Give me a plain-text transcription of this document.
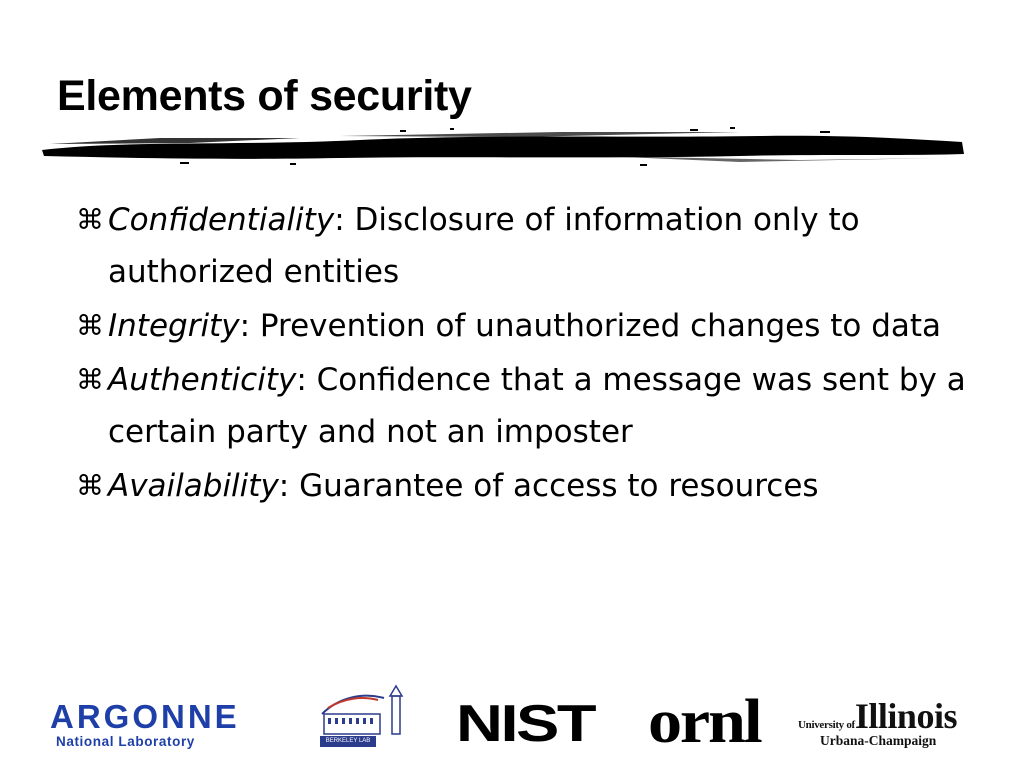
Elements of security
⌘ Confidentiality: Disclosure of information only to authorized entities
⌘ Integrity: Prevention of unauthorized changes to data
⌘ Authenticity: Confidence that a message was sent by a certain party and not an imposter
⌘ Availability: Guarantee of access to resources
ARGONNE
National Laboratory	BERKELEY LAB NIST ornl	University ofIllinois
Urbana-Champaign
